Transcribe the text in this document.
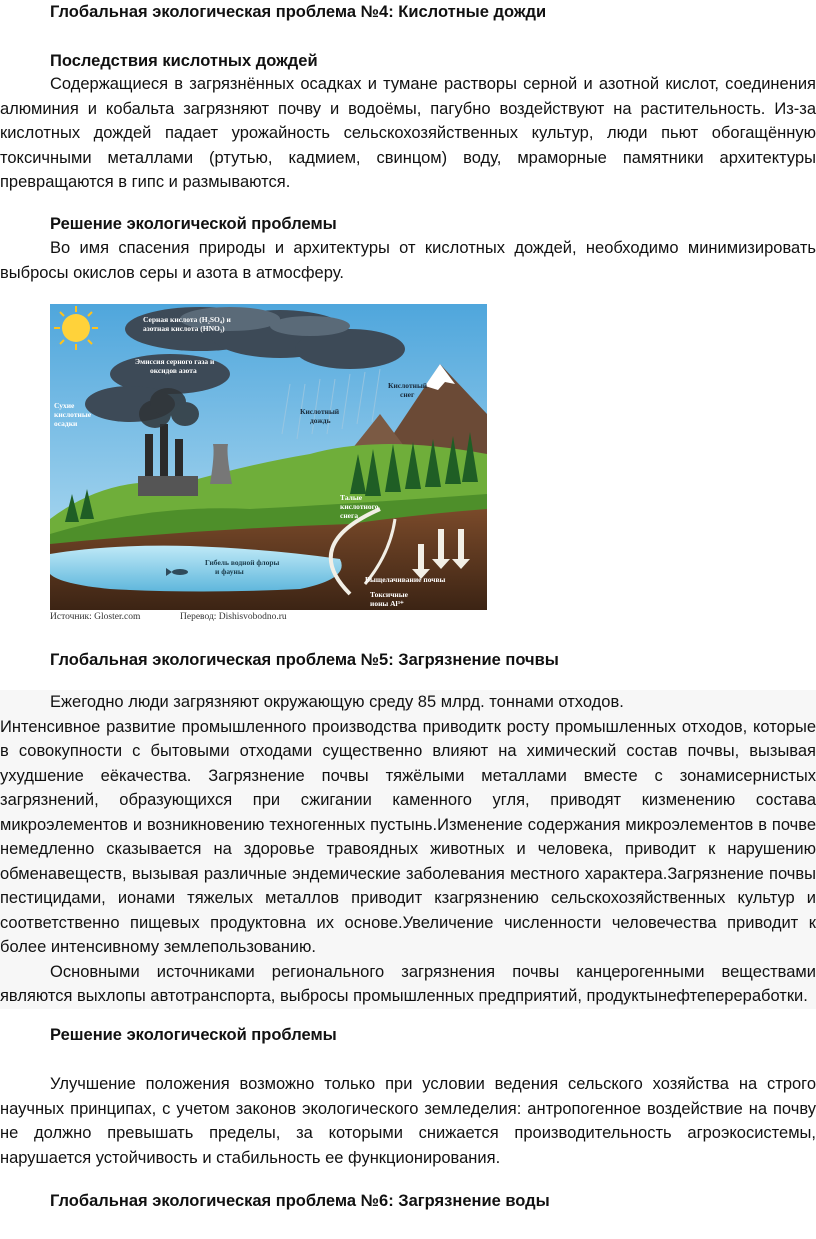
Глобальная экологическая проблема №4: Кислотные дожди
Последствия кислотных дождей

Содержащиеся в загрязнённых осадках и тумане растворы серной и азотной кислот, соединения алюминия и кобальта загрязняют почву и водоёмы, пагубно воздействуют на растительность. Из-за кислотных дождей падает урожайность сельскохозяйственных культур, люди пьют обогащённую токсичными металлами (ртутью, кадмием, свинцом) воду, мраморные памятники архитектуры превращаются в гипс и размываются.

Решение экологической проблемы

Во имя спасения природы и архитектуры от кислотных дождей, необходимо минимизировать выбросы окислов серы и азота в атмосферу.

Серная кислота (H₂SO₄) и
азотная кислота (HNO₃)
Эмиссия серного газа и
оксидов азота
Сухие
кислотные
осадки
Кислотный
снег
Кислотный
дождь
Талые
кислотного
снега
Выщелачивание почвы
Токсичные
ионы Al³⁺
Гибель водной флоры
и фауны
Источник: Gloster.com	Перевод: Dishisvobodno.ru
Глобальная экологическая проблема №5: Загрязнение почвы

Ежегодно люди загрязняют окружающую среду 85 млрд. тоннами отходов.

Интенсивное развитие промышленного производства приводитк росту промышленных отходов, которые в совокупности с бытовыми отходами существенно влияют на химический состав почвы, вызывая ухудшение еёкачества. Загрязнение почвы тяжёлыми металлами вместе с зонамисернистых загрязнений, образующихся при сжигании каменного угля, приводят кизменению состава микроэлементов и возникновению техногенных пустынь.Изменение содержания микроэлементов в почве немедленно сказывается на здоровье травоядных животных и человека, приводит к нарушению обменавеществ, вызывая различные эндемические заболевания местного характера.Загрязнение почвы пестицидами, ионами тяжелых металлов приводит кзагрязнению сельскохозяйственных культур и соответственно пищевых продуктовна их основе.Увеличение численности человечества приводит к более интенсивному землепользованию.

Основными источниками регионального загрязнения почвы канцерогенными веществами являются выхлопы автотранспорта, выбросы промышленных предприятий, продуктынефтепереработки.

Решение экологической проблемы

Улучшение положения возможно только при условии ведения сельского хозяйства на строго научных принципах, с учетом законов экологического земледелия: антропогенное воздействие на почву не должно превышать пределы, за которыми снижается производительность агроэкосистемы, нарушается устойчивость и стабильность ее функционирования.

Глобальная экологическая проблема №6: Загрязнение воды
